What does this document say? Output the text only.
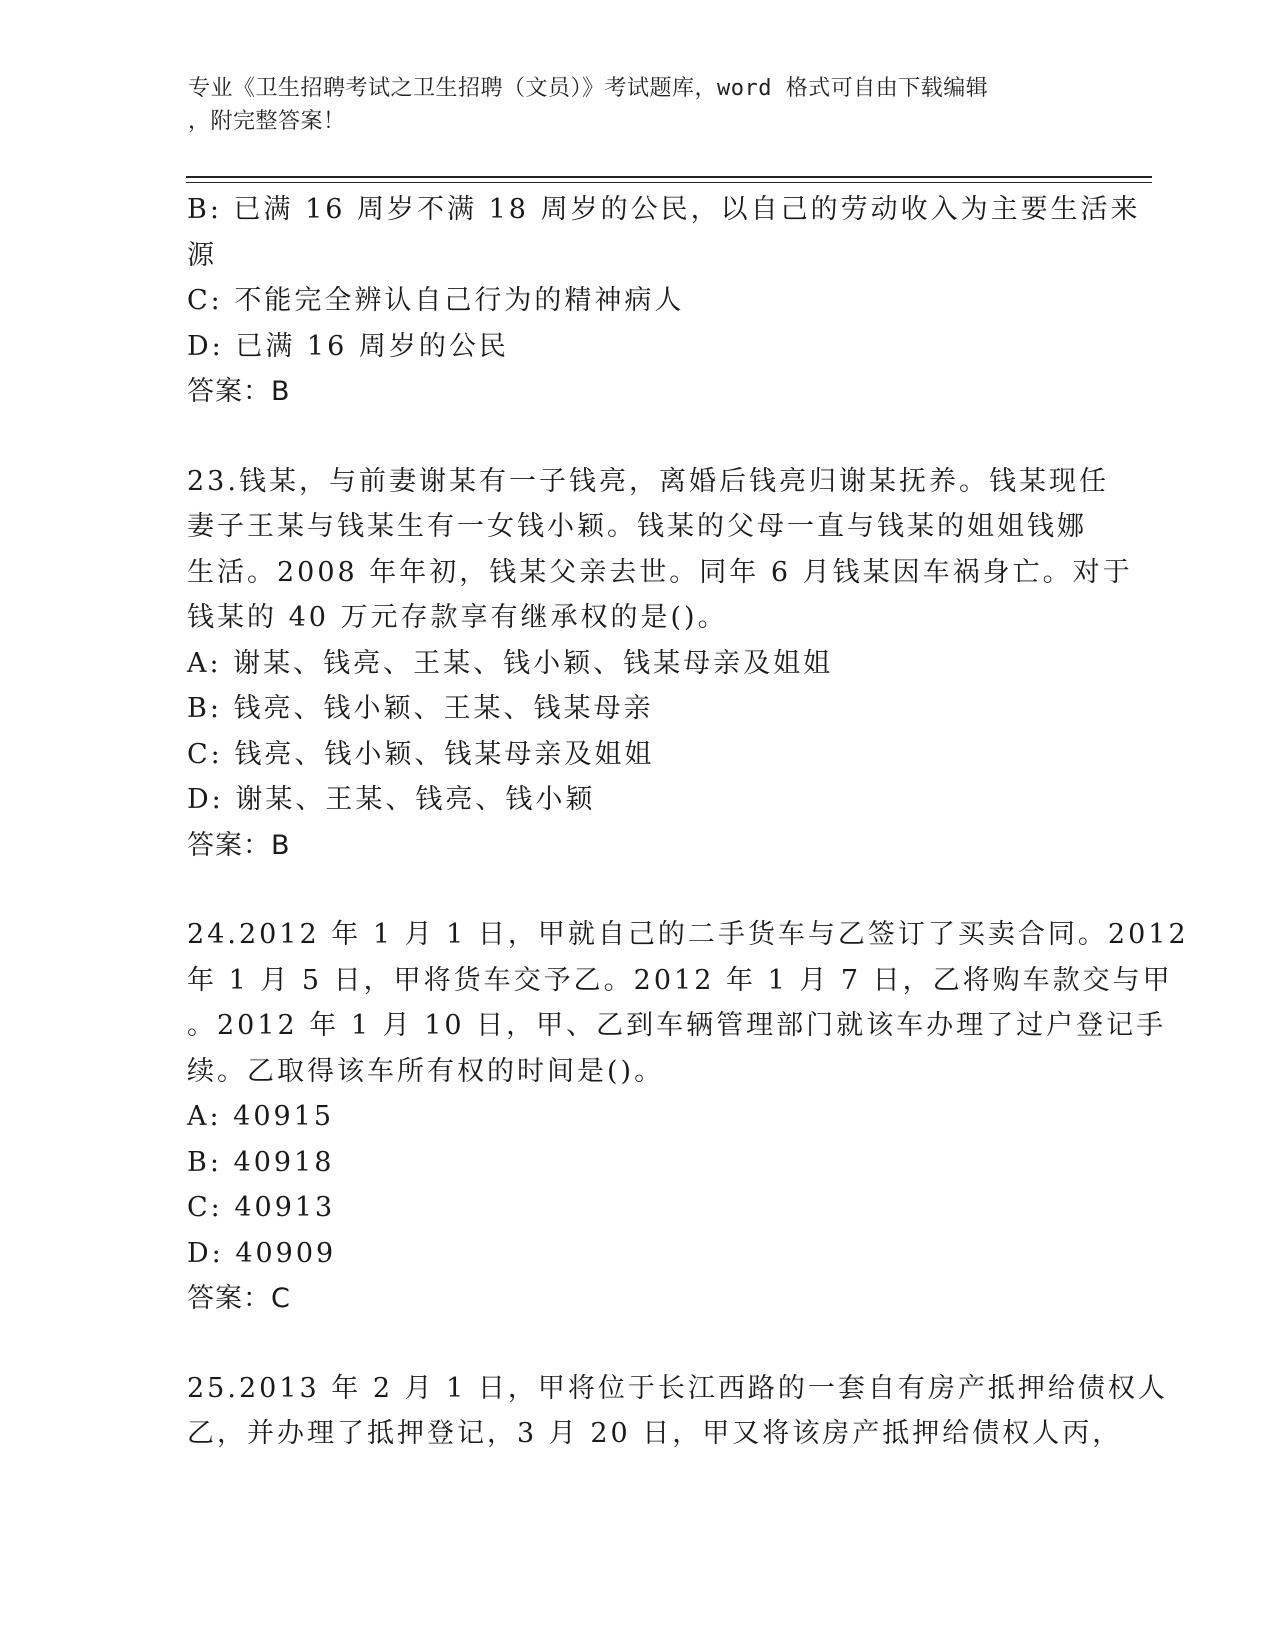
专业《卫生招聘考试之卫生招聘（文员）》考试题库，word 格式可自由下载编辑
，附完整答案！
B: 已满 16 周岁不满 18 周岁的公民，以自己的劳动收入为主要生活来
源
C: 不能完全辨认自己行为的精神病人
D: 已满 16 周岁的公民
答案：B
23.钱某，与前妻谢某有一子钱亮，离婚后钱亮归谢某抚养。钱某现任
妻子王某与钱某生有一女钱小颖。钱某的父母一直与钱某的姐姐钱娜
生活。2008 年年初，钱某父亲去世。同年 6 月钱某因车祸身亡。对于
钱某的 40 万元存款享有继承权的是()。
A: 谢某、钱亮、王某、钱小颖、钱某母亲及姐姐
B: 钱亮、钱小颖、王某、钱某母亲
C: 钱亮、钱小颖、钱某母亲及姐姐
D: 谢某、王某、钱亮、钱小颖
答案：B
24.2012 年 1 月 1 日，甲就自己的二手货车与乙签订了买卖合同。2012
年 1 月 5 日，甲将货车交予乙。2012 年 1 月 7 日，乙将购车款交与甲
。2012 年 1 月 10 日，甲、乙到车辆管理部门就该车办理了过户登记手
续。乙取得该车所有权的时间是()。
A: 40915
B: 40918
C: 40913
D: 40909
答案：C
25.2013 年 2 月 1 日，甲将位于长江西路的一套自有房产抵押给债权人
乙，并办理了抵押登记，3 月 20 日，甲又将该房产抵押给债权人丙，
